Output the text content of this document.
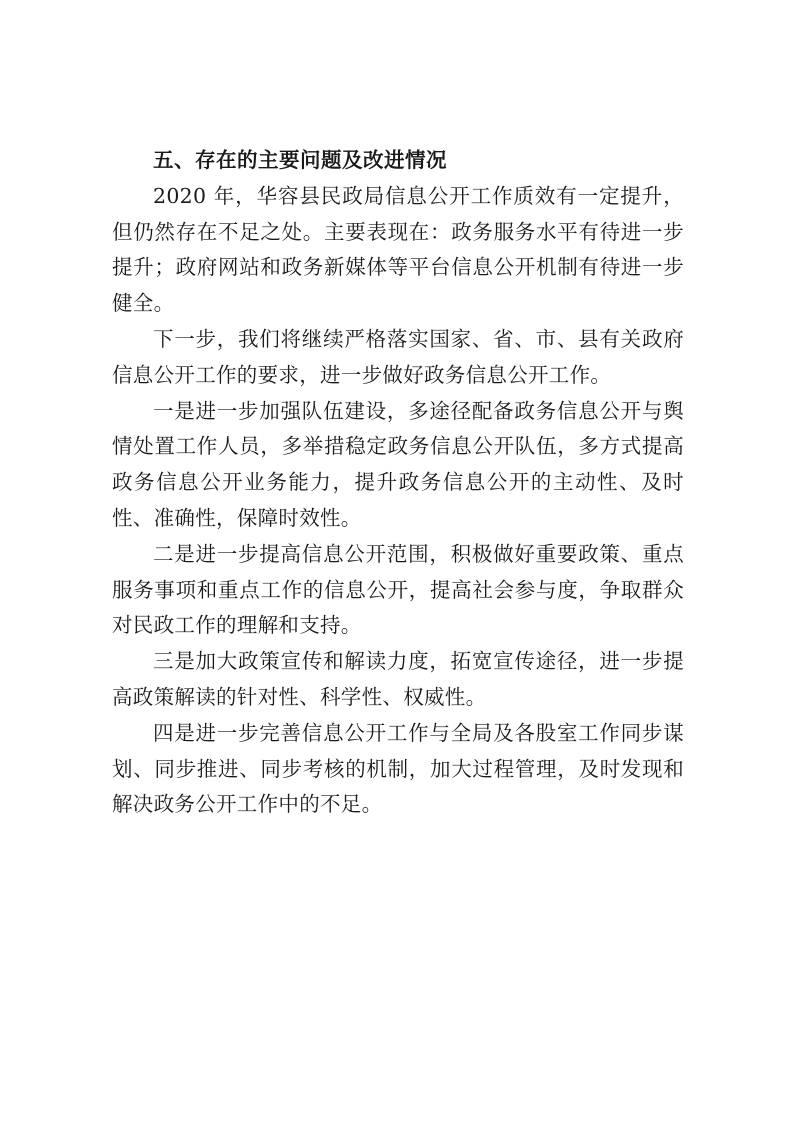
五、存在的主要问题及改进情况

2020 年，华容县民政局信息公开工作质效有一定提升，但仍然存在不足之处。主要表现在：政务服务水平有待进一步提升；政府网站和政务新媒体等平台信息公开机制有待进一步健全。

下一步，我们将继续严格落实国家、省、市、县有关政府信息公开工作的要求，进一步做好政务信息公开工作。

一是进一步加强队伍建设，多途径配备政务信息公开与舆情处置工作人员，多举措稳定政务信息公开队伍，多方式提高政务信息公开业务能力，提升政务信息公开的主动性、及时性、准确性，保障时效性。

二是进一步提高信息公开范围，积极做好重要政策、重点服务事项和重点工作的信息公开，提高社会参与度，争取群众对民政工作的理解和支持。

三是加大政策宣传和解读力度，拓宽宣传途径，进一步提高政策解读的针对性、科学性、权威性。

四是进一步完善信息公开工作与全局及各股室工作同步谋划、同步推进、同步考核的机制，加大过程管理，及时发现和解决政务公开工作中的不足。
